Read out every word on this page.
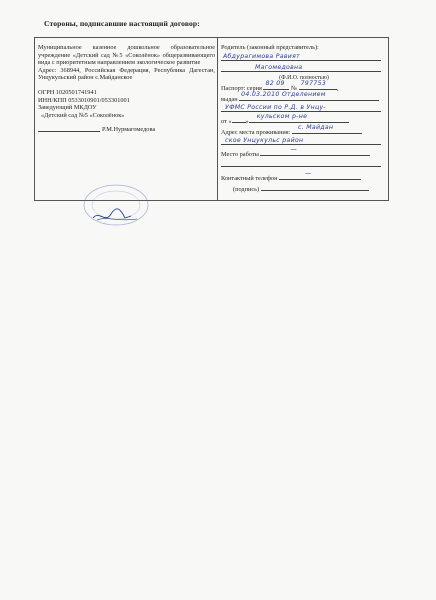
Стороны, подписавшие настоящий договор:
Муниципальное казенное дошкольное образовательное учреждение «Детский сад №5 «Соколёнок» общеразвивающего вида с приоритетным направлением экологическое развитие
Адрес: 368944, Российская Федерация, Республика Дагестан, Унцукульский район с.Майданское
ОГРН 1020501741941
ИНН/КПП 0533010901/053301001
Заведующий МКДОУ
«Детский сад №5 «Соколёнок»
Р.М.Нурмагомедова
Родитель (законный представитель):
Абдурагимова Равият
Магомедовна
(Ф.И.О. полностью)
Паспорт: серия
82 09
№
797753
,
выдан
04.03.2010 Отделением
УФМС России по Р.Д. в Унцу-
от « »
кульском р-не
Адрес места проживания:
с. Майдан
ское Унцукульс район
Место работы
—
Контактный телефон
—
(подпись)
